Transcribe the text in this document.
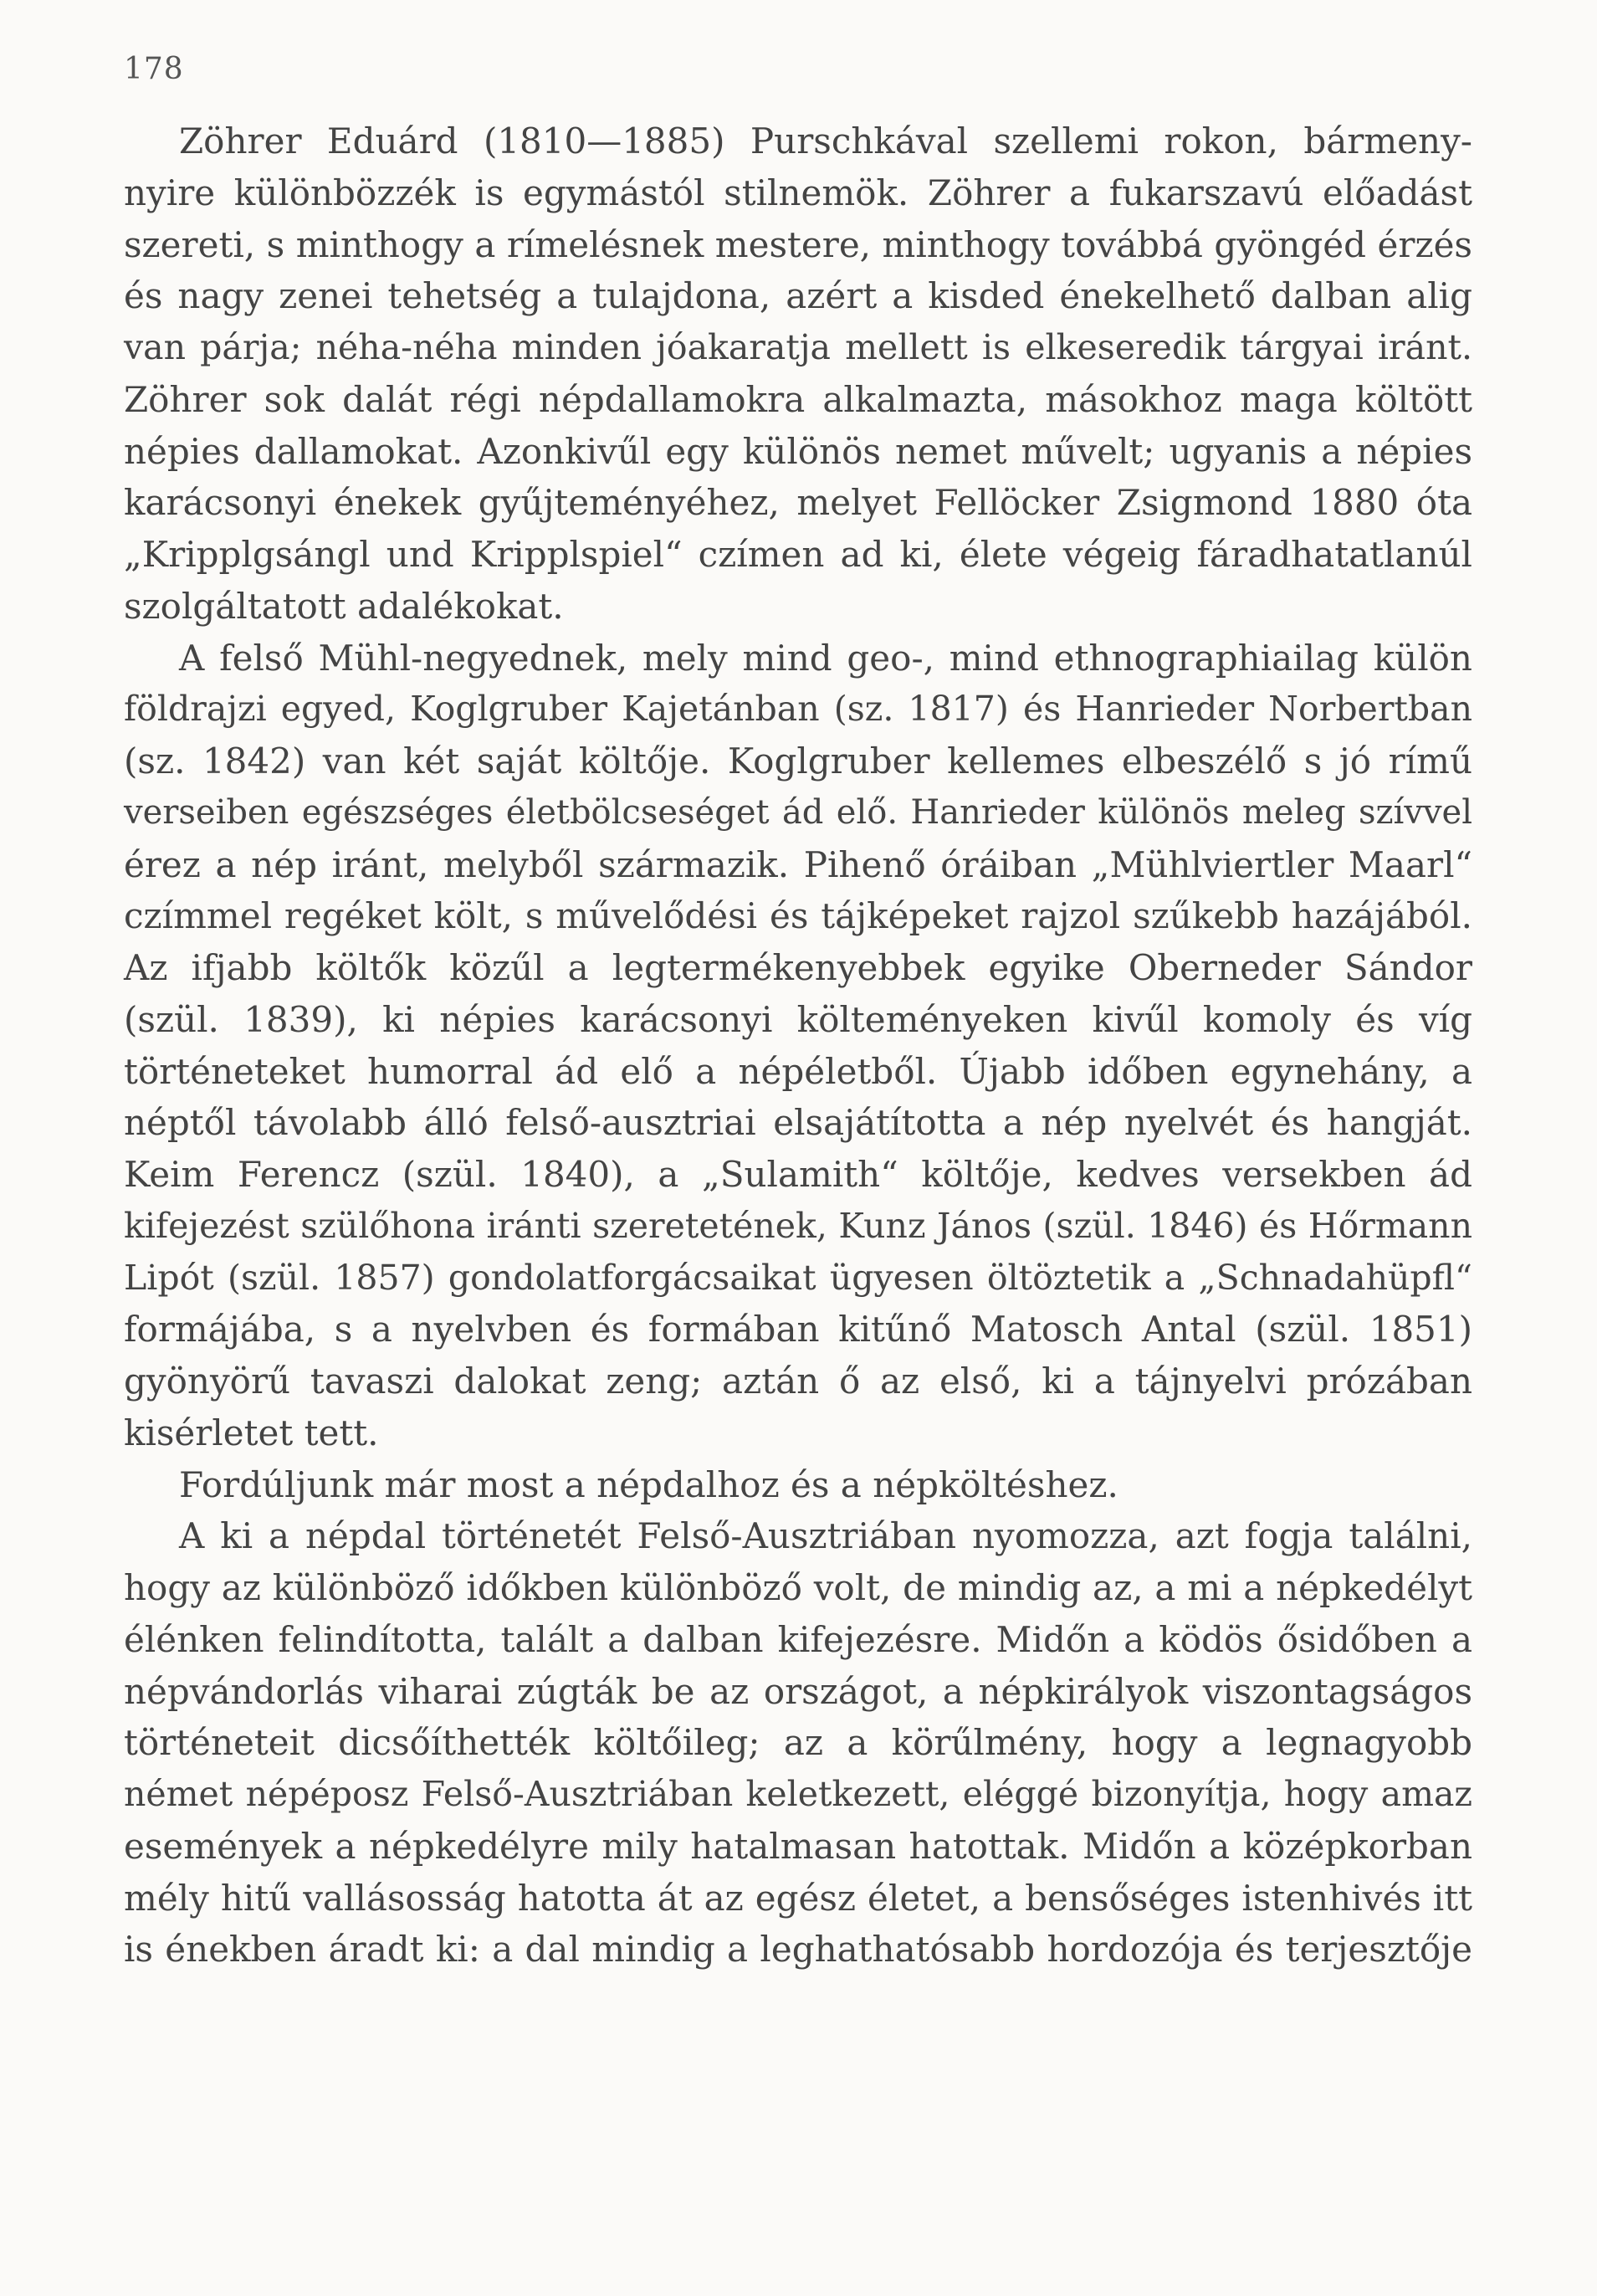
178
Zöhrer Eduárd (1810—1885) Purschkával szellemi rokon, bármeny-
nyire különbözzék is egymástól stilnemök. Zöhrer a fukarszavú előadást
szereti, s minthogy a rímelésnek mestere, minthogy továbbá gyöngéd érzés
és nagy zenei tehetség a tulajdona, azért a kisded énekelhető dalban alig
van párja; néha-néha minden jóakaratja mellett is elkeseredik tárgyai iránt.
Zöhrer sok dalát régi népdallamokra alkalmazta, másokhoz maga költött
népies dallamokat. Azonkivűl egy különös nemet művelt; ugyanis a népies
karácsonyi énekek gyűjteményéhez, melyet Fellöcker Zsigmond 1880 óta
„Kripplgsángl und Kripplspiel“ czímen ad ki, élete végeig fáradhatatlanúl
szolgáltatott adalékokat.
A felső Mühl-negyednek, mely mind geo-, mind ethnographiailag külön
földrajzi egyed, Koglgruber Kajetánban (sz. 1817) és Hanrieder Norbertban
(sz. 1842) van két saját költője. Koglgruber kellemes elbeszélő s jó rímű
verseiben egészséges életbölcseséget ád elő. Hanrieder különös meleg szívvel
érez a nép iránt, melyből származik. Pihenő óráiban „Mühlviertler Maarl“
czímmel regéket költ, s művelődési és tájképeket rajzol szűkebb hazájából.
Az ifjabb költők közűl a legtermékenyebbek egyike Oberneder Sándor
(szül. 1839), ki népies karácsonyi költeményeken kivűl komoly és víg
történeteket humorral ád elő a népéletből. Újabb időben egynehány, a
néptől távolabb álló felső-ausztriai elsajátította a nép nyelvét és hangját.
Keim Ferencz (szül. 1840), a „Sulamith“ költője, kedves versekben ád
kifejezést szülőhona iránti szeretetének, Kunz János (szül. 1846) és Hőrmann
Lipót (szül. 1857) gondolatforgácsaikat ügyesen öltöztetik a „Schnadahüpfl“
formájába, s a nyelvben és formában kitűnő Matosch Antal (szül. 1851)
gyönyörű tavaszi dalokat zeng; aztán ő az első, ki a tájnyelvi prózában
kisérletet tett.
Fordúljunk már most a népdalhoz és a népköltéshez.
A ki a népdal történetét Felső-Ausztriában nyomozza, azt fogja találni,
hogy az különböző időkben különböző volt, de mindig az, a mi a népkedélyt
élénken felindította, talált a dalban kifejezésre. Midőn a ködös ősidőben a
népvándorlás viharai zúgták be az országot, a népkirályok viszontagságos
történeteit dicsőíthették költőileg; az a körűlmény, hogy a legnagyobb
német népéposz Felső-Ausztriában keletkezett, eléggé bizonyítja, hogy amaz
események a népkedélyre mily hatalmasan hatottak. Midőn a középkorban
mély hitű vallásosság hatotta át az egész életet, a bensőséges istenhivés itt
is énekben áradt ki: a dal mindig a leghathatósabb hordozója és terjesztője
